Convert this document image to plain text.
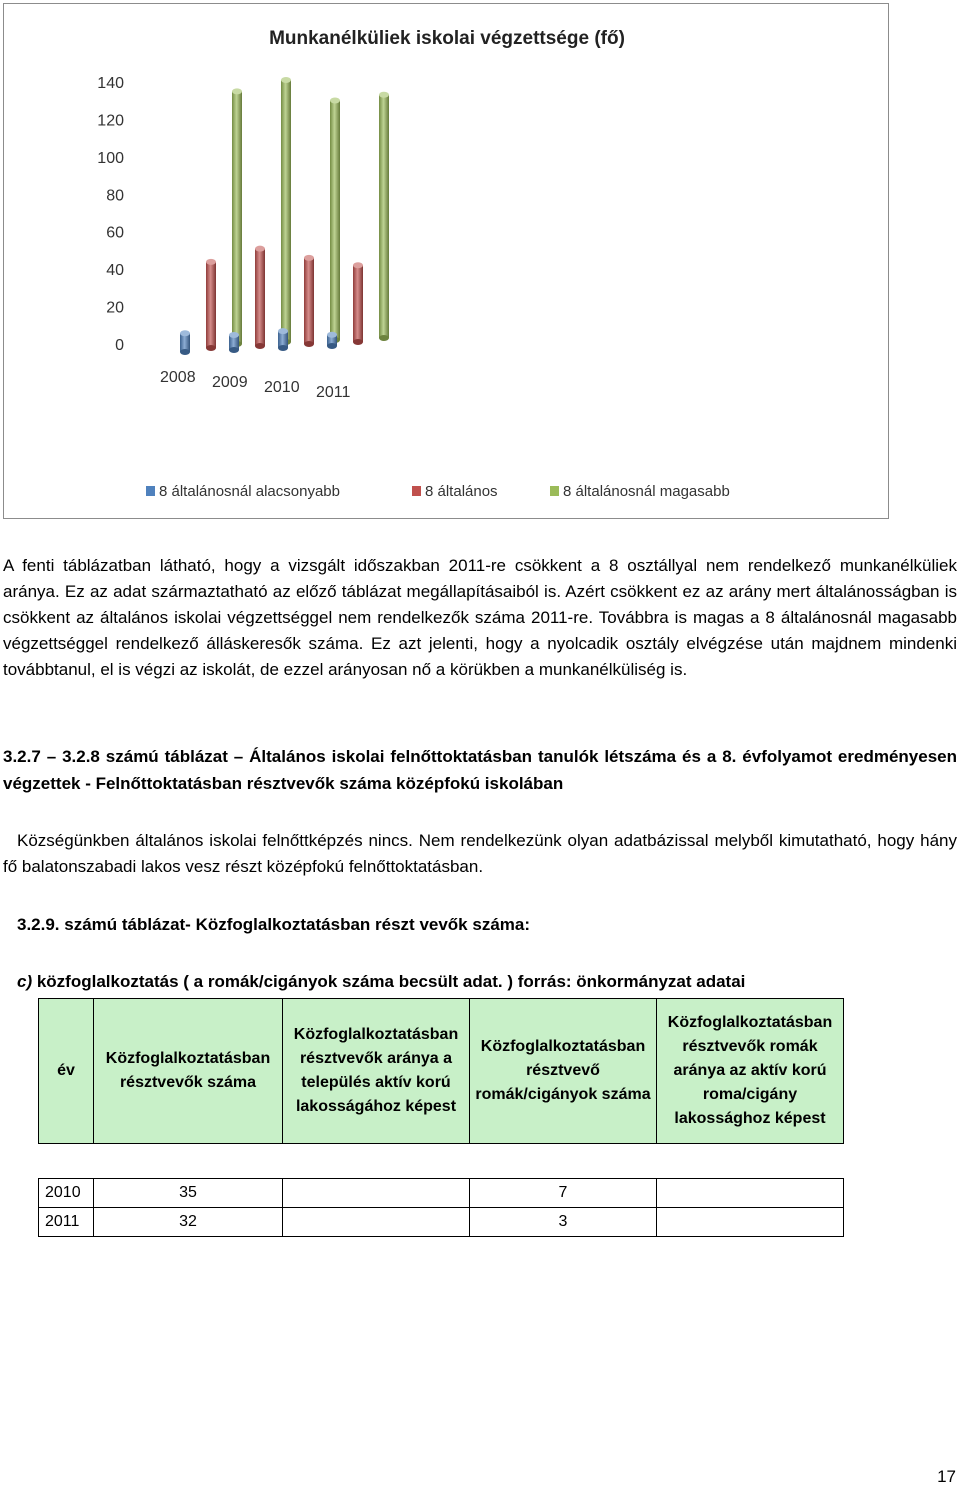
Munkanélküliek iskolai végzettsége (fő)
0
20
40
60
80
100
120
140
2008 2009 2010 2011
8 általánosnál alacsonyabb	8 általános	8 általánosnál magasabb

A fenti táblázatban látható, hogy a vizsgált időszakban 2011-re csökkent a 8 osztállyal nem rendelkező munkanélküliek aránya. Ez az adat származtatható az előző táblázat megállapításaiból is. Azért csökkent ez az arány mert általánosságban is csökkent az általános iskolai végzettséggel nem rendelkezők száma 2011-re. Továbbra is magas a 8 általánosnál magasabb végzettséggel rendelkező álláskeresők száma. Ez azt jelenti, hogy a nyolcadik osztály elvégzése után majdnem mindenki továbbtanul, el is végzi az iskolát, de ezzel arányosan nő a körükben a munkanélküliség is.

3.2.7 – 3.2.8 számú táblázat – Általános iskolai felnőttoktatásban tanulók létszáma és a 8. évfolyamot eredményesen végzettek - Felnőttoktatásban résztvevők száma középfokú iskolában

Községünkben általános iskolai felnőttképzés nincs. Nem rendelkezünk olyan adatbázissal melyből kimutatható, hogy hány fő balatonszabadi lakos vesz részt középfokú felnőttoktatásban.

3.2.9. számú táblázat- Közfoglalkoztatásban részt vevők száma:

c) közfoglalkoztatás ( a romák/cigányok száma becsült adat. ) forrás: önkormányzat adatai

év	Közfoglalkoztatásban résztvevők száma	Közfoglalkoztatásban résztvevők aránya a település aktív korú lakosságához képest	Közfoglalkoztatásban résztvevő romák/cigányok száma	Közfoglalkoztatásban résztvevők romák aránya az aktív korú roma/cigány lakossághoz képest

2010	35		7	
2011	32		3	
17
